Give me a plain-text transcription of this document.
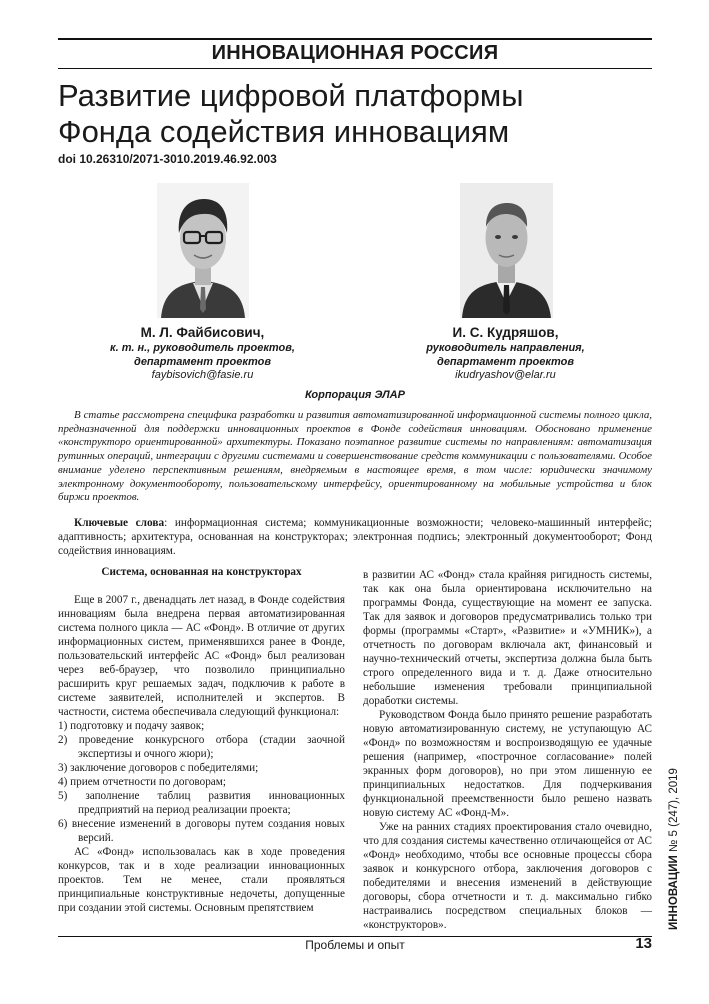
ИННОВАЦИОННАЯ РОССИЯ
Развитие цифровой платформы
Фонда содействия инновациям
doi 10.26310/2071-3010.2019.46.92.003
М. Л. Файбисович,
к. т. н., руководитель проектов,
департамент проектов
faybisovich@fasie.ru
И. С. Кудряшов,
руководитель направления,
департамент проектов
ikudryashov@elar.ru
Корпорация ЭЛАР
В статье рассмотрена специфика разработки и развития автоматизированной информационной системы полного цикла, предназначенной для поддержки инновационных проектов в Фонде содействия инновациям. Обосновано применение «конструкторо ориентированной» архитектуры. Показано поэтапное развитие системы по направлениям: автоматизация рутинных операций, интеграции с другими системами и совершенствование средств коммуникации с пользователями. Особое внимание уделено перспективным решениям, внедряемым в настоящее время, в том числе: юридически значимому электронному документообороту, пользовательскому интерфейсу, ориентированному на мобильные устройства и блок биржи проектов.
Ключевые слова: информационная система; коммуникационные возможности; человеко-машинный интерфейс; адаптивность; архитектура, основанная на конструкторах; электронная подпись; электронный документооборот; Фонд содействия инновациям.

Система, основанная на конструкторах

Еще в 2007 г., двенадцать лет назад, в Фонде содействия инновациям была внедрена первая автоматизированная система полного цикла — АС «Фонд». В отличие от других информационных систем, применявшихся ранее в Фонде, пользовательский интерфейс АС «Фонд» был реализован через веб-браузер, что позволило принципиально расширить круг решаемых задач, подключив к работе в системе заявителей, исполнителей и экспертов. В частности, система обеспечивала следующий функционал:

1) подготовку и подачу заявок;
2) проведение конкурсного отбора (стадии заочной экспертизы и очного жюри);
3) заключение договоров с победителями;
4) прием отчетности по договорам;
5) заполнение таблиц развития инновационных предприятий на период реализации проекта;
6) внесение изменений в договоры путем создания новых версий.

АС «Фонд» использовалась как в ходе проведения конкурсов, так и в ходе реализации инновационных проектов. Тем не менее, стали проявляться принципиальные конструктивные недочеты, допущенные при создании этой системы. Основным препятствием

в развитии АС «Фонд» стала крайняя ригидность системы, так как она была ориентирована исключительно на программы Фонда, существующие на момент ее запуска. Так для заявок и договоров предусматривались только три формы (программы «Старт», «Развитие» и «УМНИК»), а отчетность по договорам включала акт, финансовый и научно-технический отчеты, экспертиза должна была быть строго определенного вида и т. д. Даже относительно небольшие изменения требовали принципиальной доработки системы.

Руководством Фонда было принято решение разработать новую автоматизированную систему, не уступающую АС «Фонд» по возможностям и воспроизводящую ее удачные решения (например, «построчное согласование» полей экранных форм договоров), но при этом лишенную ее принципиальных недостатков. Для подчеркивания функциональной преемственности было решено назвать новую систему АС «Фонд-М».

Уже на ранних стадиях проектирования стало очевидно, что для создания системы качественно отличающейся от АС «Фонд» необходимо, чтобы все основные процессы сбора заявок и конкурсного отбора, заключения договоров с победителями и внесения изменений в действующие договоры, сбора отчетности и т. д. максимально гибко настраивались посредством специальных блоков — «конструкторов».

Проблемы и опыт	13
ИННОВАЦИИ № 5 (247), 2019
